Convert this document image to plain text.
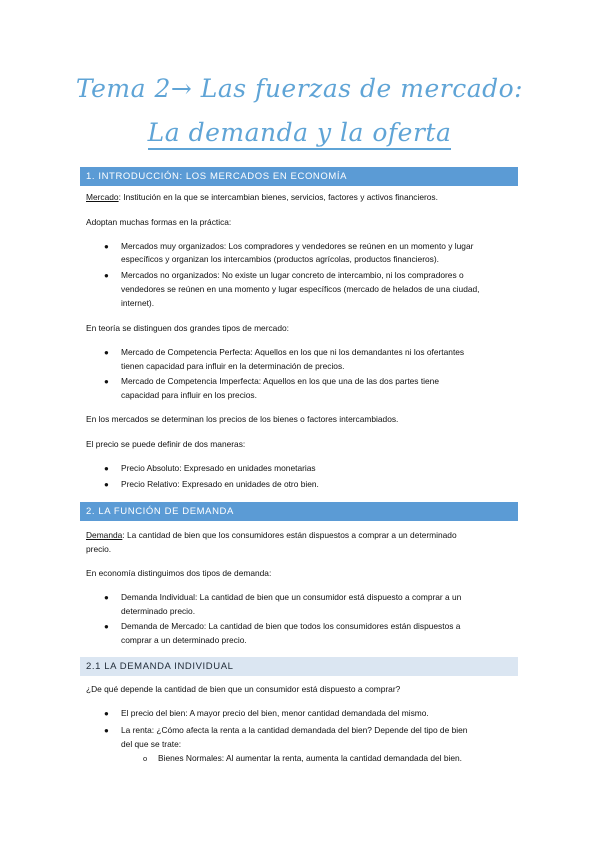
Tema 2→ Las fuerzas de mercado:
La demanda y la oferta
1. INTRODUCCIÓN: LOS MERCADOS EN ECONOMÍA
Mercado: Institución en la que se intercambian bienes, servicios, factores y activos financieros.
Adoptan muchas formas en la práctica:
● Mercados muy organizados: Los compradores y vendedores se reúnen en un momento y lugar
específicos y organizan los intercambios (productos agrícolas, productos financieros).
● Mercados no organizados: No existe un lugar concreto de intercambio, ni los compradores o
vendedores se reúnen en una momento y lugar específicos (mercado de helados de una ciudad,
internet).
En teoría se distinguen dos grandes tipos de mercado:
● Mercado de Competencia Perfecta: Aquellos en los que ni los demandantes ni los ofertantes
tienen capacidad para influir en la determinación de precios.
● Mercado de Competencia Imperfecta: Aquellos en los que una de las dos partes tiene
capacidad para influir en los precios.
En los mercados se determinan los precios de los bienes o factores intercambiados.
El precio se puede definir de dos maneras:
● Precio Absoluto: Expresado en unidades monetarias
● Precio Relativo: Expresado en unidades de otro bien.
2. LA FUNCIÓN DE DEMANDA
Demanda: La cantidad de bien que los consumidores están dispuestos a comprar a un determinado
precio.
En economía distinguimos dos tipos de demanda:
● Demanda Individual: La cantidad de bien que un consumidor está dispuesto a comprar a un
determinado precio.
● Demanda de Mercado: La cantidad de bien que todos los consumidores están dispuestos a
comprar a un determinado precio.
2.1 LA DEMANDA INDIVIDUAL
¿De qué depende la cantidad de bien que un consumidor está dispuesto a comprar?
● El precio del bien: A mayor precio del bien, menor cantidad demandada del mismo.
● La renta: ¿Cómo afecta la renta a la cantidad demandada del bien? Depende del tipo de bien
del que se trate:
o Bienes Normales: Al aumentar la renta, aumenta la cantidad demandada del bien.
